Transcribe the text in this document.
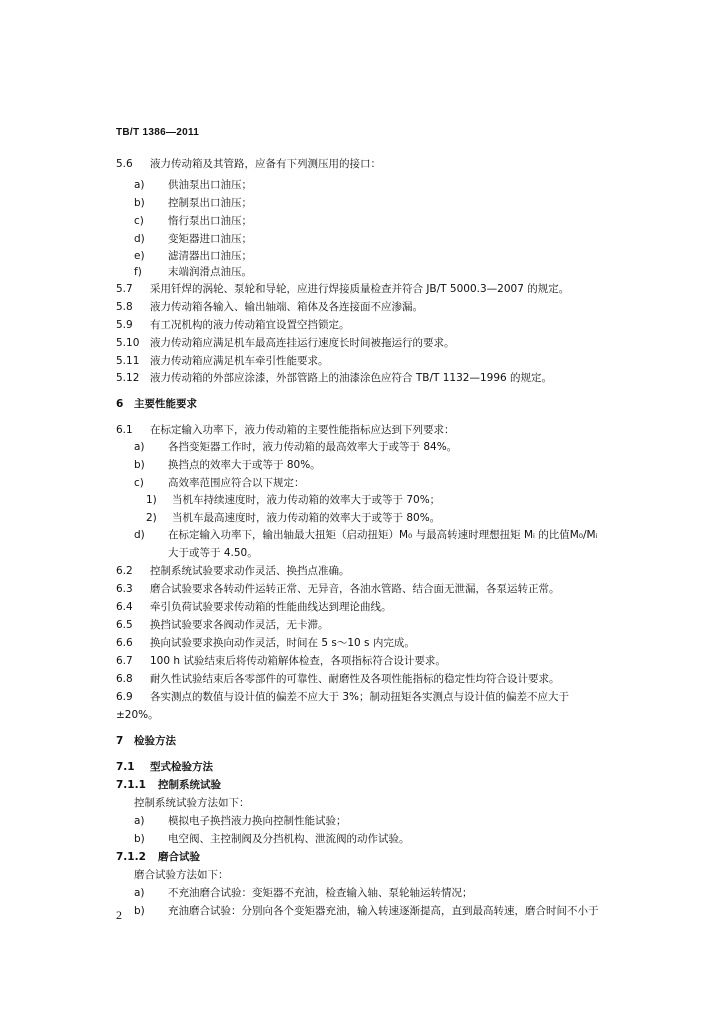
TB/T 1386—2011
5.6 液力传动箱及其管路，应备有下列测压用的接口：
a) 供油泵出口油压；
b) 控制泵出口油压；
c) 惰行泵出口油压；
d) 变矩器进口油压；
e) 滤清器出口油压；
f) 末端润滑点油压。
5.7 采用钎焊的涡轮、泵轮和导轮，应进行焊接质量检查并符合 JB/T 5000.3—2007 的规定。
5.8 液力传动箱各输入、输出轴端、箱体及各连接面不应渗漏。
5.9 有工况机构的液力传动箱宜设置空挡锁定。
5.10 液力传动箱应满足机车最高连挂运行速度长时间被拖运行的要求。
5.11 液力传动箱应满足机车牵引性能要求。
5.12 液力传动箱的外部应涂漆，外部管路上的油漆涂色应符合 TB/T 1132—1996 的规定。
6 主要性能要求
6.1 在标定输入功率下，液力传动箱的主要性能指标应达到下列要求：
a) 各挡变矩器工作时，液力传动箱的最高效率大于或等于 84%。
b) 换挡点的效率大于或等于 80%。
c) 高效率范围应符合以下规定：
1) 当机车持续速度时，液力传动箱的效率大于或等于 70%；
2) 当机车最高速度时，液力传动箱的效率大于或等于 80%。
d) 在标定输入功率下，输出轴最大扭矩（启动扭矩）M₀ 与最高转速时理想扭矩 Mᵢ 的比值M₀/Mᵢ
大于或等于 4.50。
6.2 控制系统试验要求动作灵活、换挡点准确。
6.3 磨合试验要求各转动件运转正常、无异音，各油水管路、结合面无泄漏，各泵运转正常。
6.4 牵引负荷试验要求传动箱的性能曲线达到理论曲线。
6.5 换挡试验要求各阀动作灵活，无卡滞。
6.6 换向试验要求换向动作灵活，时间在 5 s～10 s 内完成。
6.7 100 h 试验结束后将传动箱解体检查，各项指标符合设计要求。
6.8 耐久性试验结束后各零部件的可靠性、耐磨性及各项性能指标的稳定性均符合设计要求。
6.9 各实测点的数值与设计值的偏差不应大于 3%；制动扭矩各实测点与设计值的偏差不应大于
±20%。
7 检验方法
7.1 型式检验方法
7.1.1 控制系统试验
控制系统试验方法如下：
a) 模拟电子换挡液力换向控制性能试验；
b) 电空阀、主控制阀及分挡机构、泄流阀的动作试验。
7.1.2 磨合试验
磨合试验方法如下：
a) 不充油磨合试验：变矩器不充油，检查输入轴、泵轮轴运转情况；
b) 充油磨合试验：分别向各个变矩器充油，输入转速逐渐提高，直到最高转速，磨合时间不小于
2
